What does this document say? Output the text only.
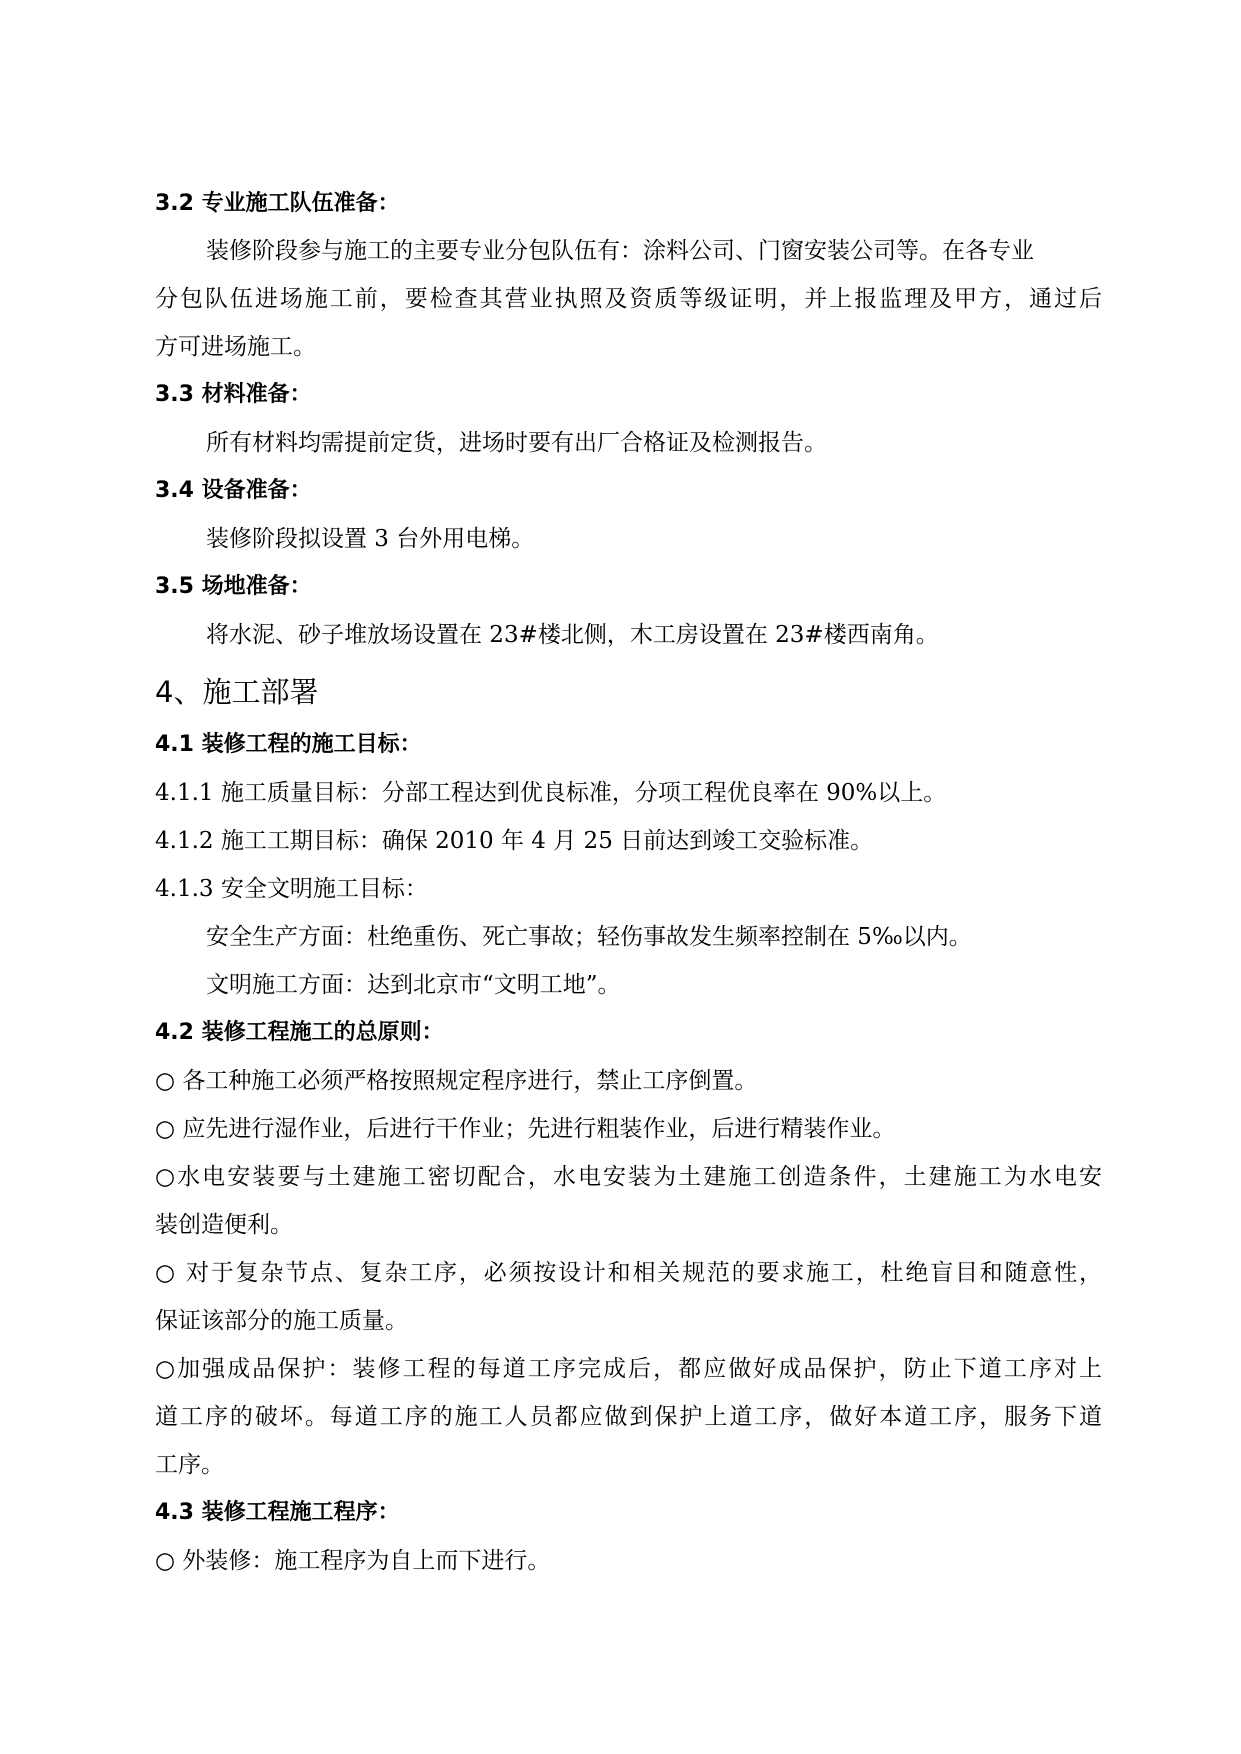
3.2 专业施工队伍准备：
装修阶段参与施工的主要专业分包队伍有：涂料公司、门窗安装公司等。在各专业
分包队伍进场施工前，要检查其营业执照及资质等级证明，并上报监理及甲方，通过后
方可进场施工。
3.3 材料准备：
所有材料均需提前定货，进场时要有出厂合格证及检测报告。
3.4 设备准备：
装修阶段拟设置 3 台外用电梯。
3.5 场地准备：
将水泥、砂子堆放场设置在 23#楼北侧，木工房设置在 23#楼西南角。
4、施工部署
4.1 装修工程的施工目标：
4.1.1 施工质量目标：分部工程达到优良标准，分项工程优良率在 90%以上。
4.1.2 施工工期目标：确保 2010 年 4 月 25 日前达到竣工交验标准。
4.1.3 安全文明施工目标：
安全生产方面：杜绝重伤、死亡事故；轻伤事故发生频率控制在 5‰以内。
文明施工方面：达到北京市“文明工地”。
4.2 装修工程施工的总原则：
○ 各工种施工必须严格按照规定程序进行，禁止工序倒置。
○ 应先进行湿作业，后进行干作业；先进行粗装作业，后进行精装作业。
○水电安装要与土建施工密切配合，水电安装为土建施工创造条件，土建施工为水电安
装创造便利。
○ 对于复杂节点、复杂工序，必须按设计和相关规范的要求施工，杜绝盲目和随意性，
保证该部分的施工质量。
○加强成品保护：装修工程的每道工序完成后，都应做好成品保护，防止下道工序对上
道工序的破坏。每道工序的施工人员都应做到保护上道工序，做好本道工序，服务下道
工序。
4.3 装修工程施工程序：
○ 外装修：施工程序为自上而下进行。
